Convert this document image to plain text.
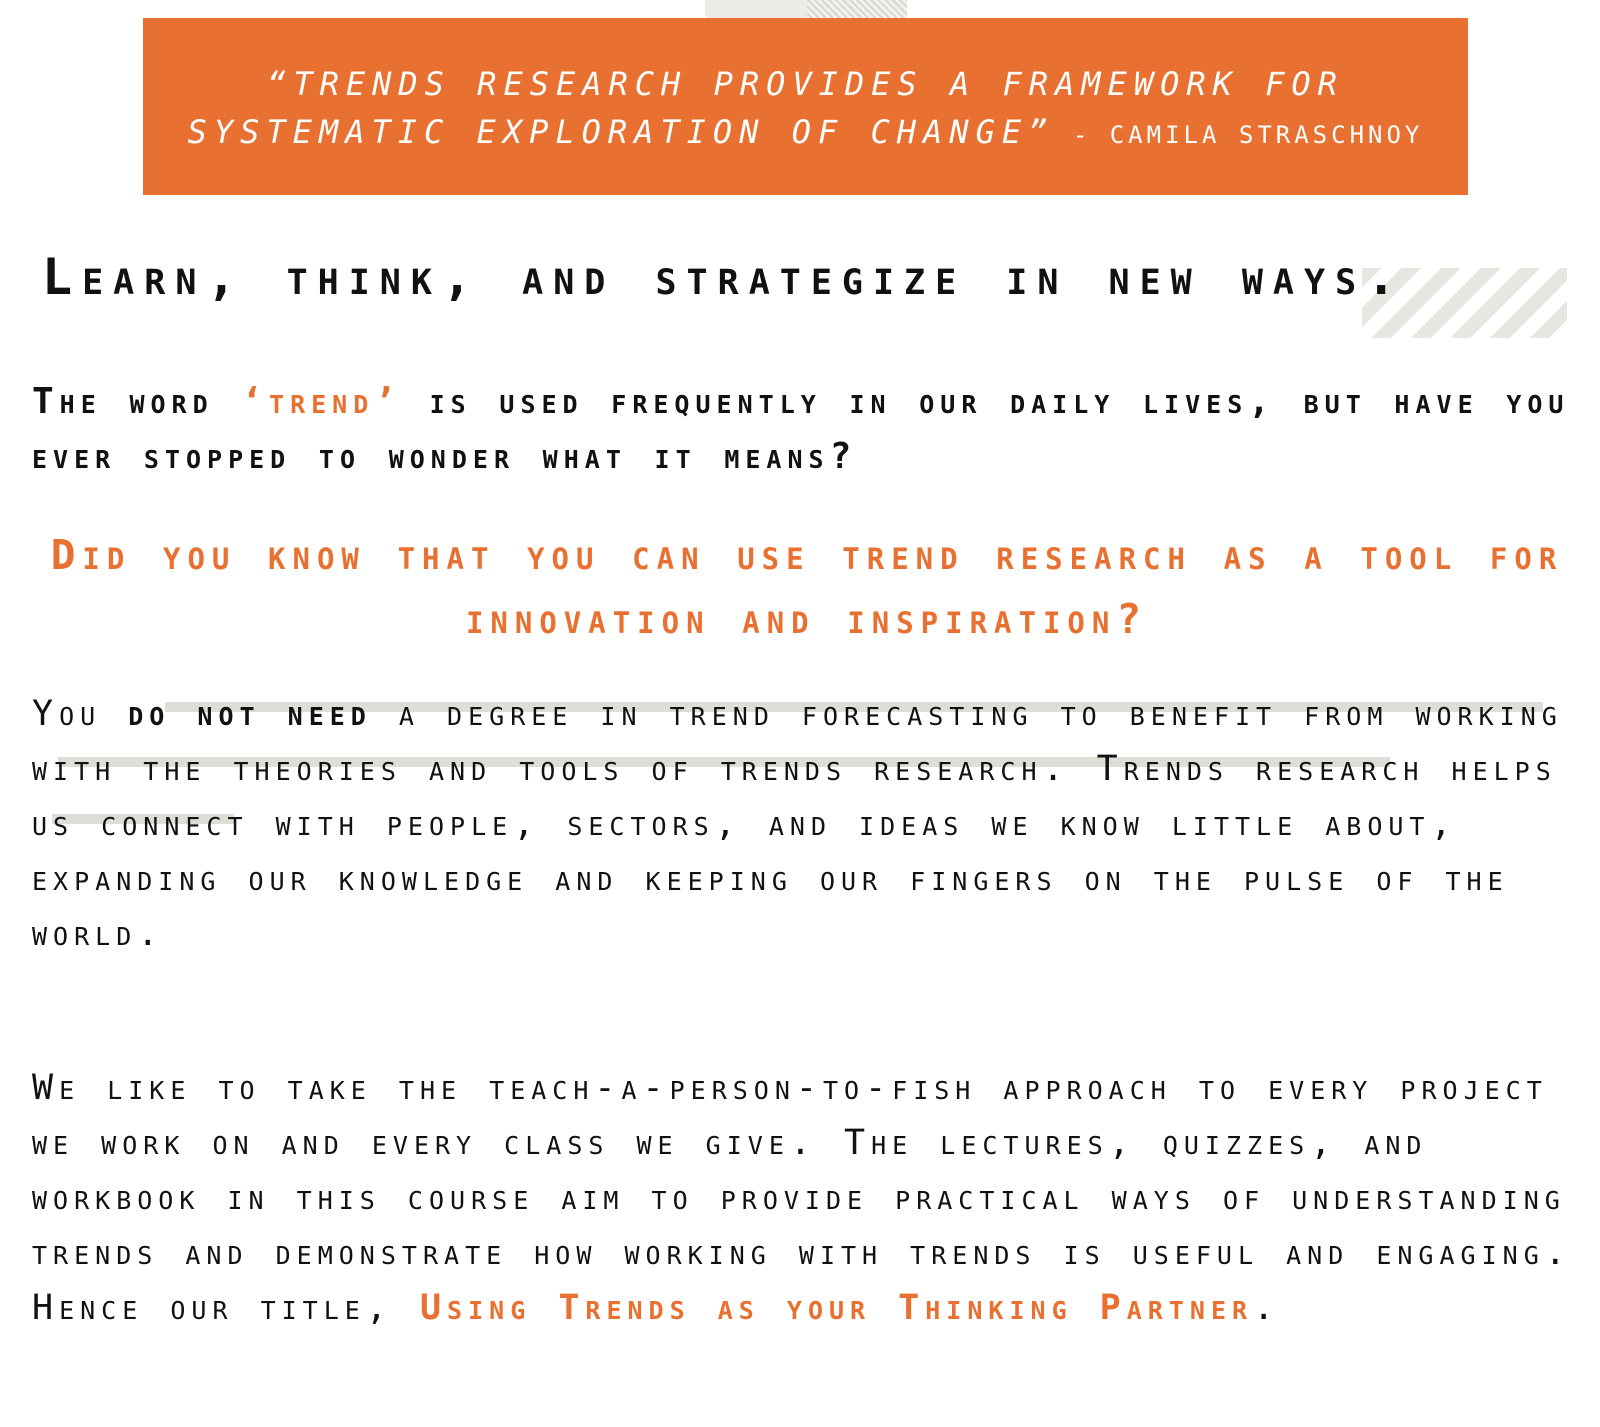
“TRENDS RESEARCH PROVIDES A FRAMEWORK FOR SYSTEMATIC EXPLORATION OF CHANGE” - CAMILA STRASCHNOY
Learn, think, and strategize in new ways.

The word ‘trend’ is used frequently in our daily lives, but have you ever stopped to wonder what it means?

Did you know that you can use trend research as a tool for innovation and inspiration?

You do not need a degree in trend forecasting to benefit from working with the theories and tools of trends research. Trends research helps us connect with people, sectors, and ideas we know little about, expanding our knowledge and keeping our fingers on the pulse of the world.

We like to take the teach-a-person-to-fish approach to every project we work on and every class we give. The lectures, quizzes, and workbook in this course aim to provide practical ways of understanding trends and demonstrate how working with trends is useful and engaging. Hence our title, Using Trends as your Thinking Partner.
